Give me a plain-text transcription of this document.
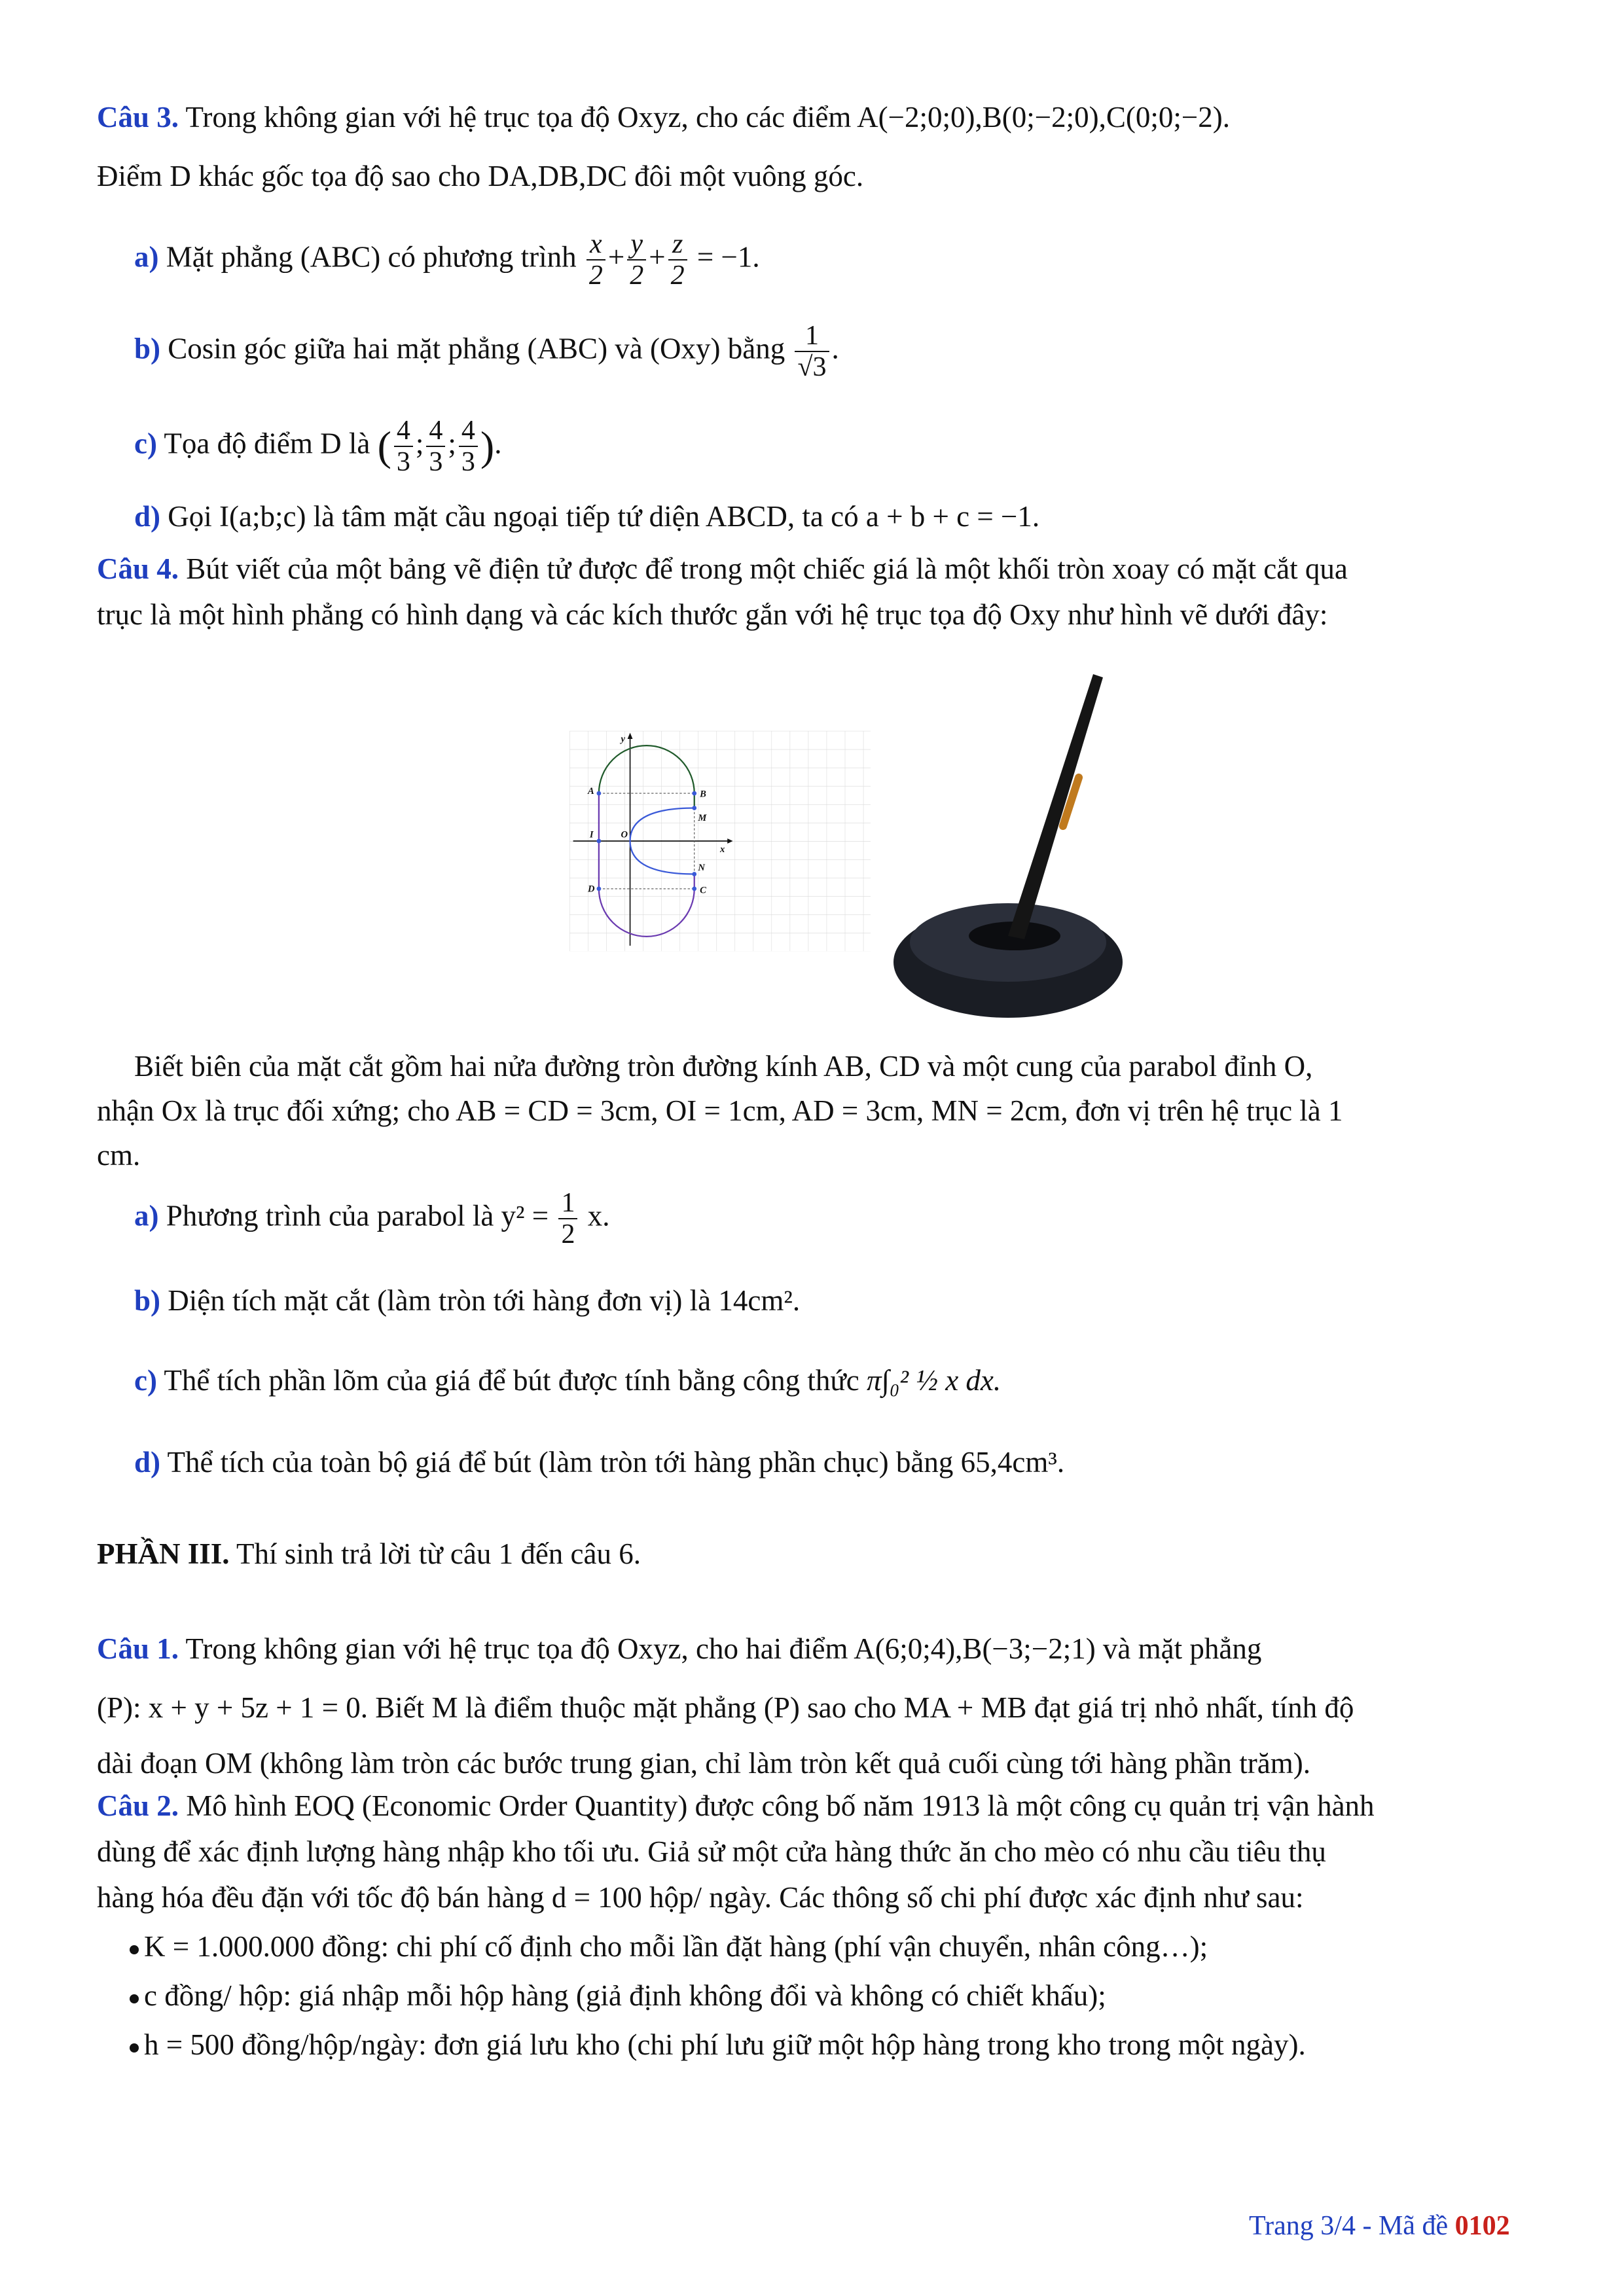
Câu 3. Trong không gian với hệ trục tọa độ Oxyz, cho các điểm A(−2;0;0),B(0;−2;0),C(0;0;−2).
Điểm D khác gốc tọa độ sao cho DA,DB,DC đôi một vuông góc.
a) Mặt phẳng (ABC) có phương trình $\frac{x}{2} + \frac{y}{2} + \frac{z}{2} = -1$.
b) Cosin góc giữa hai mặt phẳng (ABC) và (Oxy) bằng $\frac{1}{√3}$ .
c) Tọa độ điểm D là ( $\frac{4}{3}$ ; $\frac{4}{3}$ ; $\frac{4}{3}$ ).
d) Gọi I(a;b;c) là tâm mặt cầu ngoại tiếp tứ diện ABCD, ta có a + b + c = −1.
Câu 4. Bút viết của một bảng vẽ điện tử được để trong một chiếc giá là một khối tròn xoay có mặt cắt qua
trục là một hình phẳng có hình dạng và các kích thước gắn với hệ trục tọa độ Oxy như hình vẽ dưới đây:
y
x
A	B
M
I O
N
D	C
Biết biên của mặt cắt gồm hai nửa đường tròn đường kính AB, CD và một cung của parabol đỉnh O,
nhận Ox là trục đối xứng; cho AB = CD = 3cm, OI = 1cm, AD = 3cm, MN = 2cm, đơn vị trên hệ trục là 1
cm.
a) Phương trình của parabol là $y^2 = \frac{1}{2} x$.
b) Diện tích mặt cắt (làm tròn tới hàng đơn vị) là 14cm².
c) Thể tích phần lõm của giá để bút được tính bằng công thức π∫₀² ½ x dx.
d) Thể tích của toàn bộ giá để bút (làm tròn tới hàng phần chục) bằng 65,4cm³.
PHẦN III. Thí sinh trả lời từ câu 1 đến câu 6.
Câu 1. Trong không gian với hệ trục tọa độ Oxyz, cho hai điểm A(6;0;4),B(−3;−2;1) và mặt phẳng
(P): x + y + 5z + 1 = 0. Biết M là điểm thuộc mặt phẳng (P) sao cho MA + MB đạt giá trị nhỏ nhất, tính độ
dài đoạn OM (không làm tròn các bước trung gian, chỉ làm tròn kết quả cuối cùng tới hàng phần trăm).
Câu 2. Mô hình EOQ (Economic Order Quantity) được công bố năm 1913 là một công cụ quản trị vận hành
dùng để xác định lượng hàng nhập kho tối ưu. Giả sử một cửa hàng thức ăn cho mèo có nhu cầu tiêu thụ
hàng hóa đều đặn với tốc độ bán hàng d = 100 hộp/ ngày. Các thông số chi phí được xác định như sau:
K = 1.000.000 đồng: chi phí cố định cho mỗi lần đặt hàng (phí vận chuyển, nhân công…);
c đồng/ hộp: giá nhập mỗi hộp hàng (giả định không đổi và không có chiết khấu);
h = 500 đồng/hộp/ngày: đơn giá lưu kho (chi phí lưu giữ một hộp hàng trong kho trong một ngày).
Trang 3/4 - Mã đề 0102
